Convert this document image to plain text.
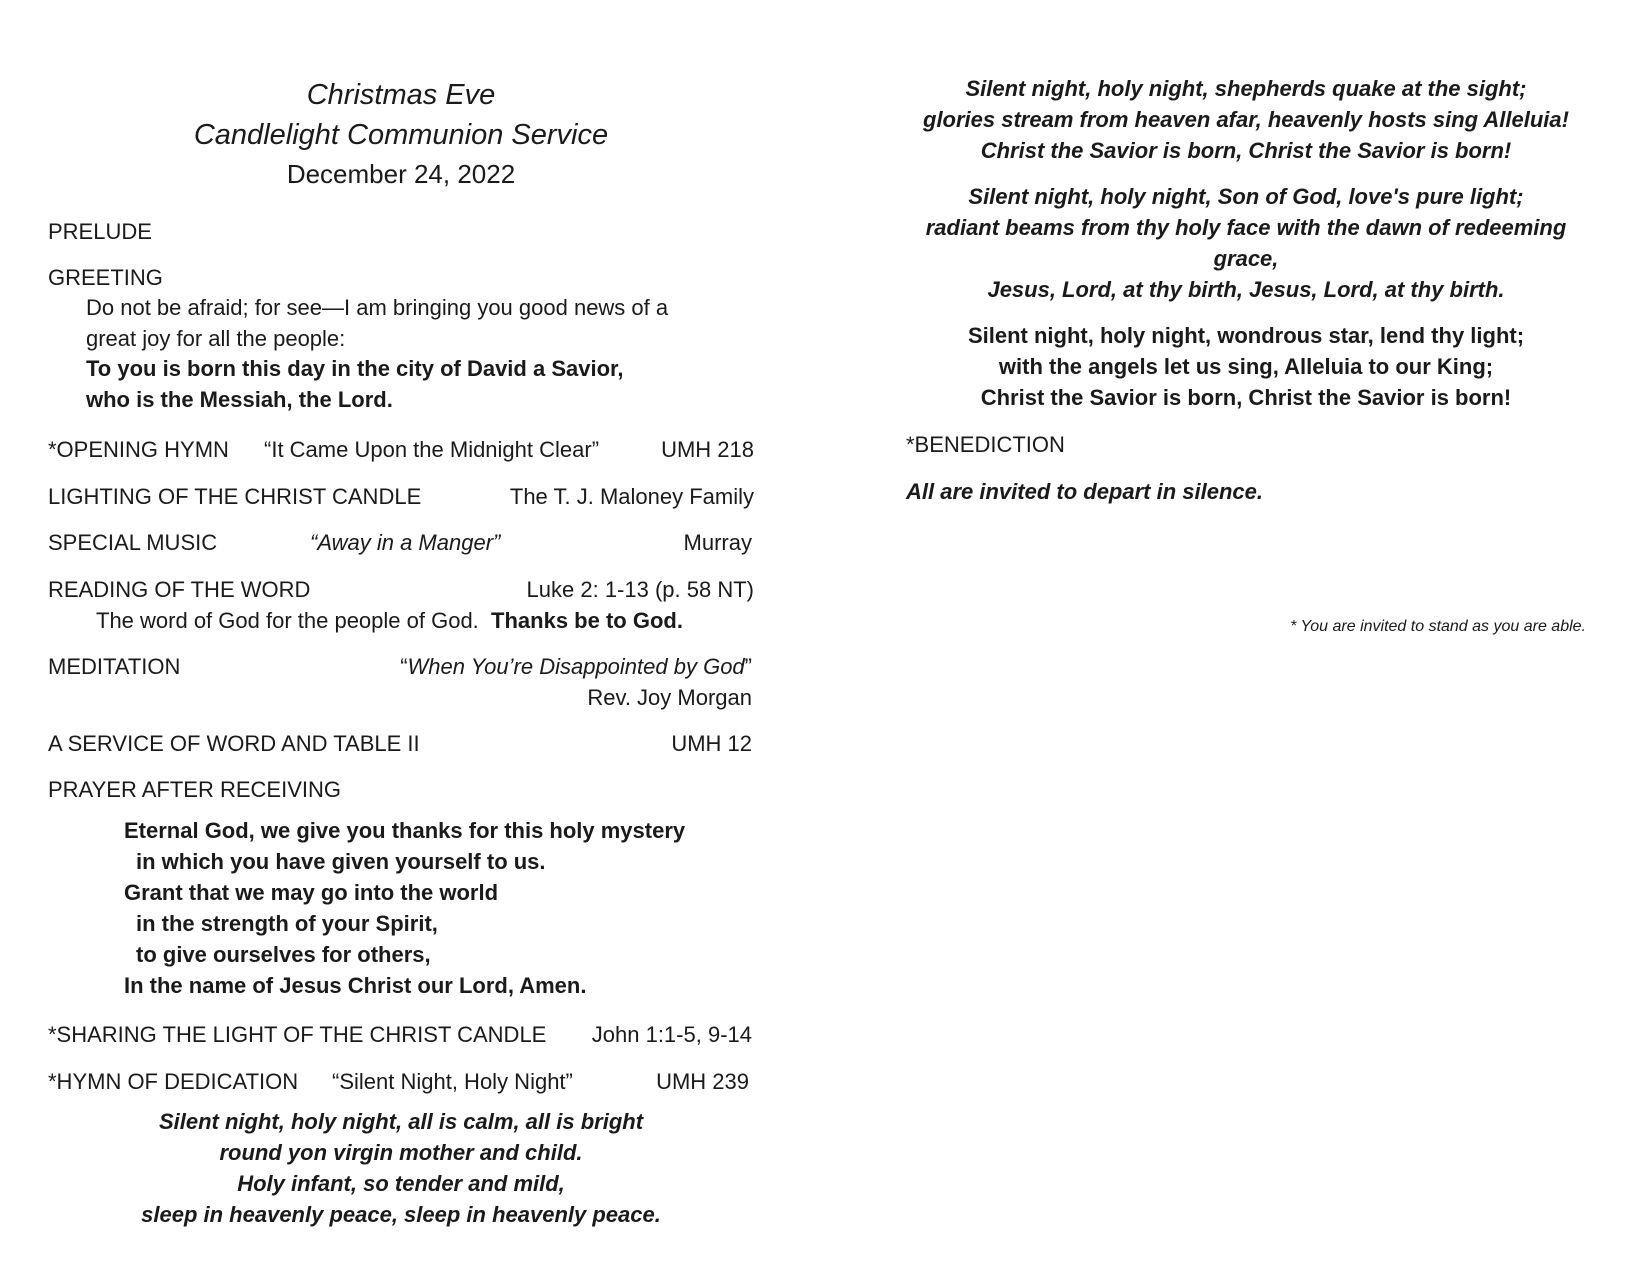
Christmas Eve
Candlelight Communion Service
December 24, 2022
PRELUDE
GREETING
Do not be afraid; for see—I am bringing you good news of a
great joy for all the people:
To you is born this day in the city of David a Savior,
who is the Messiah, the Lord.
*OPENING HYMN “It Came Upon the Midnight Clear”	UMH 218
LIGHTING OF THE CHRIST CANDLE	The T. J. Maloney Family
SPECIAL MUSIC	“Away in a Manger”	Murray
READING OF THE WORD	Luke 2: 1-13 (p. 58 NT)
The word of God for the people of God. Thanks be to God.
MEDITATION	“When You’re Disappointed by God”
Rev. Joy Morgan
A SERVICE OF WORD AND TABLE II	UMH 12
PRAYER AFTER RECEIVING
Eternal God, we give you thanks for this holy mystery
in which you have given yourself to us.
Grant that we may go into the world
in the strength of your Spirit,
to give ourselves for others,
In the name of Jesus Christ our Lord, Amen.
*SHARING THE LIGHT OF THE CHRIST CANDLE John 1:1-5, 9-14
*HYMN OF DEDICATION “Silent Night, Holy Night”	UMH 239
Silent night, holy night, all is calm, all is bright
round yon virgin mother and child.
Holy infant, so tender and mild,
sleep in heavenly peace, sleep in heavenly peace.
Silent night, holy night, shepherds quake at the sight;
glories stream from heaven afar, heavenly hosts sing Alleluia!
Christ the Savior is born, Christ the Savior is born!
Silent night, holy night, Son of God, love's pure light;
radiant beams from thy holy face with the dawn of redeeming
grace,
Jesus, Lord, at thy birth, Jesus, Lord, at thy birth.
Silent night, holy night, wondrous star, lend thy light;
with the angels let us sing, Alleluia to our King;
Christ the Savior is born, Christ the Savior is born!
*BENEDICTION
All are invited to depart in silence.
* You are invited to stand as you are able.
